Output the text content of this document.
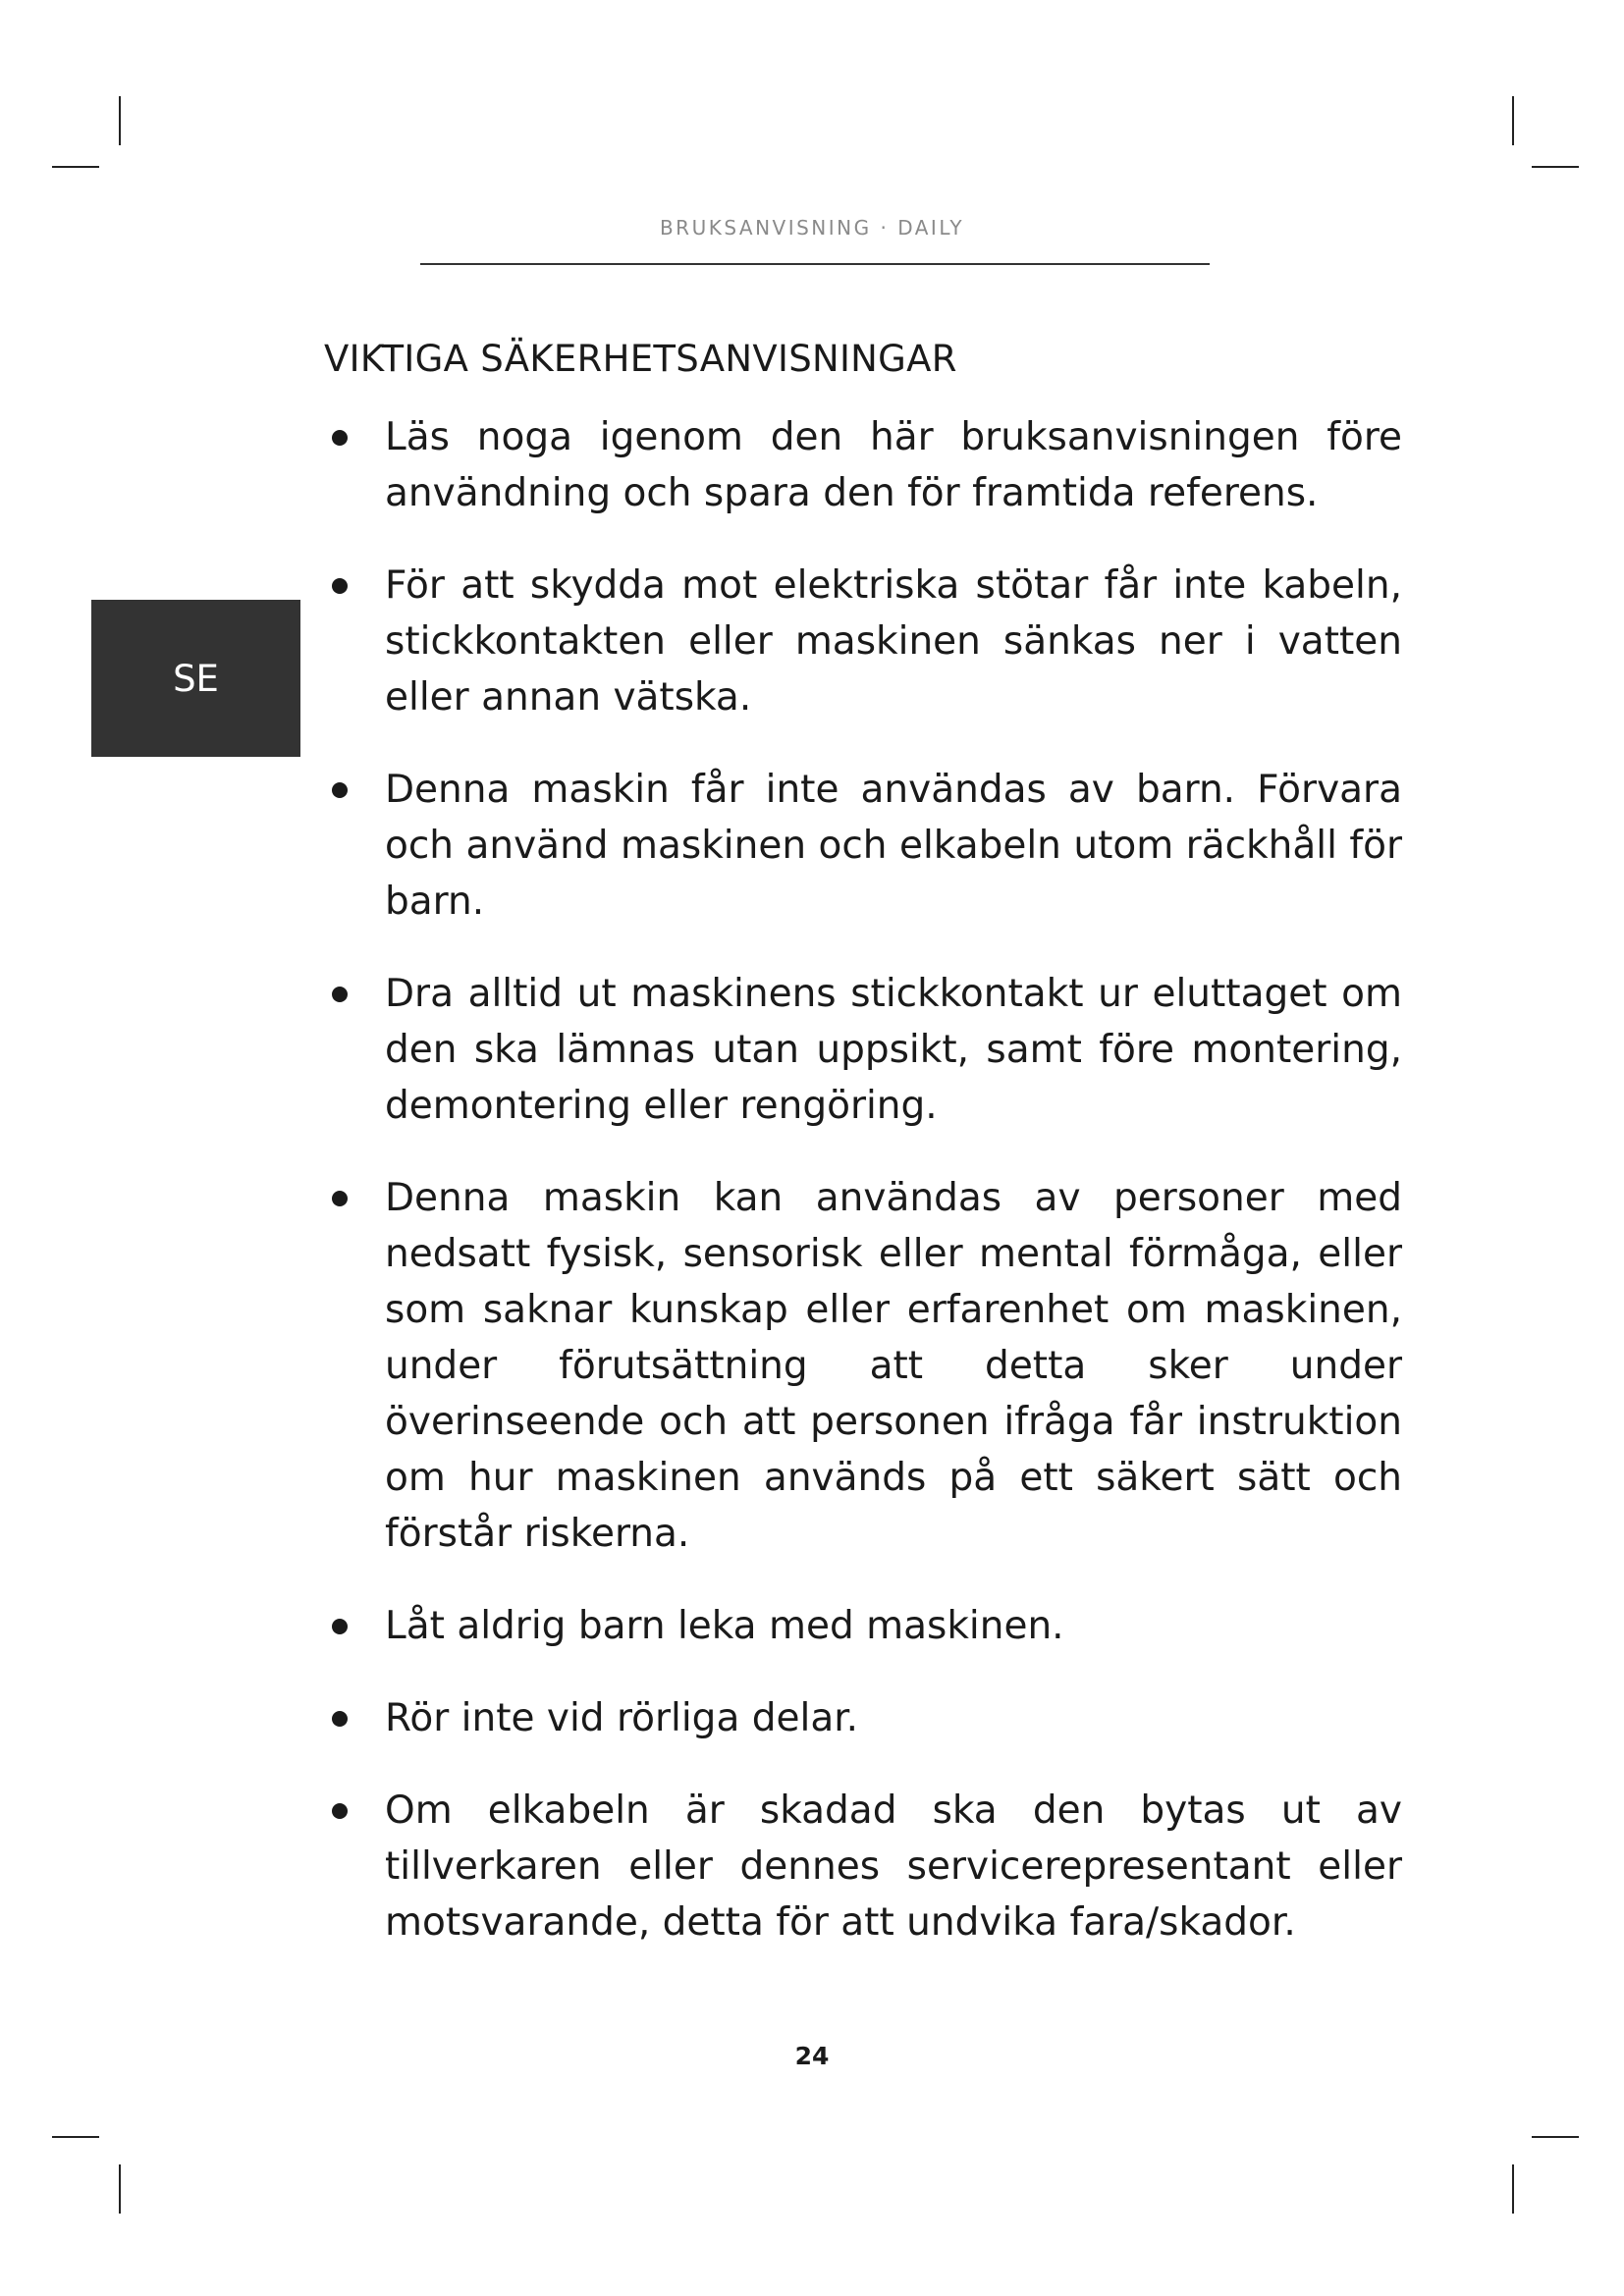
BRUKSANVISNING · DAILY
SE
VIKTIGA SÄKERHETSANVISNINGAR
Läs noga igenom den här bruksanvisningen före användning och spara den för framtida referens.
För att skydda mot elektriska stötar får inte kabeln, stickkontakten eller maskinen sänkas ner i vatten eller annan vätska.
Denna maskin får inte användas av barn. Förvara och använd maskinen och elkabeln utom räckhåll för barn.
Dra alltid ut maskinens stickkontakt ur eluttaget om den ska lämnas utan uppsikt, samt före montering, demontering eller rengöring.
Denna maskin kan användas av personer med nedsatt fysisk, sensorisk eller mental förmåga, eller som saknar kunskap eller erfarenhet om maskinen, under förutsättning att detta sker under överinseende och att personen ifråga får instruktion om hur maskinen används på ett säkert sätt och förstår riskerna.
Låt aldrig barn leka med maskinen.
Rör inte vid rörliga delar.
Om elkabeln är skadad ska den bytas ut av tillverkaren eller dennes servicerepresentant eller motsvarande, detta för att undvika fara/skador.
24
